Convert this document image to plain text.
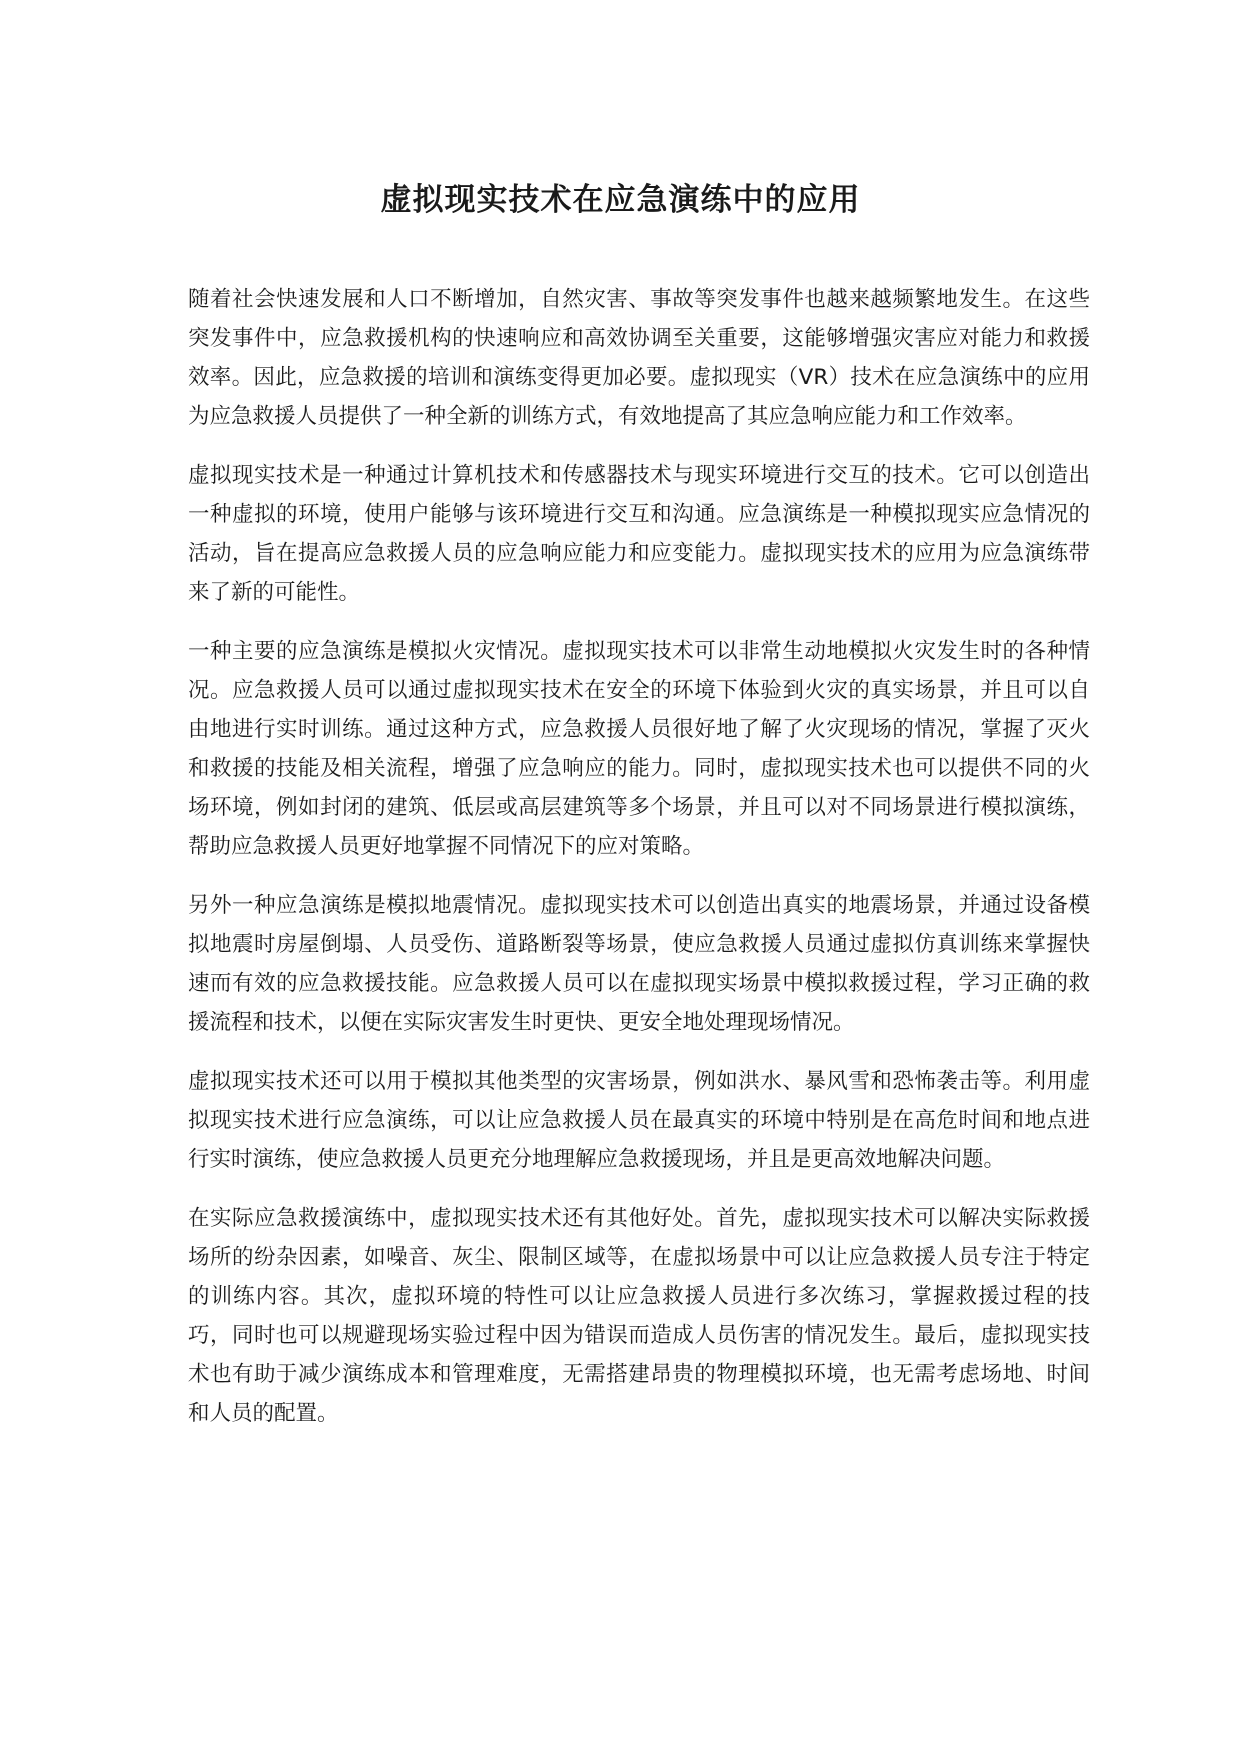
虚拟现实技术在应急演练中的应用

随着社会快速发展和人口不断增加，自然灾害、事故等突发事件也越来越频繁地发生。在这些突发事件中，应急救援机构的快速响应和高效协调至关重要，这能够增强灾害应对能力和救援效率。因此，应急救援的培训和演练变得更加必要。虚拟现实（VR）技术在应急演练中的应用为应急救援人员提供了一种全新的训练方式，有效地提高了其应急响应能力和工作效率。

虚拟现实技术是一种通过计算机技术和传感器技术与现实环境进行交互的技术。它可以创造出一种虚拟的环境，使用户能够与该环境进行交互和沟通。应急演练是一种模拟现实应急情况的活动，旨在提高应急救援人员的应急响应能力和应变能力。虚拟现实技术的应用为应急演练带来了新的可能性。

一种主要的应急演练是模拟火灾情况。虚拟现实技术可以非常生动地模拟火灾发生时的各种情况。应急救援人员可以通过虚拟现实技术在安全的环境下体验到火灾的真实场景，并且可以自由地进行实时训练。通过这种方式，应急救援人员很好地了解了火灾现场的情况，掌握了灭火和救援的技能及相关流程，增强了应急响应的能力。同时，虚拟现实技术也可以提供不同的火场环境，例如封闭的建筑、低层或高层建筑等多个场景，并且可以对不同场景进行模拟演练，帮助应急救援人员更好地掌握不同情况下的应对策略。

另外一种应急演练是模拟地震情况。虚拟现实技术可以创造出真实的地震场景，并通过设备模拟地震时房屋倒塌、人员受伤、道路断裂等场景，使应急救援人员通过虚拟仿真训练来掌握快速而有效的应急救援技能。应急救援人员可以在虚拟现实场景中模拟救援过程，学习正确的救援流程和技术，以便在实际灾害发生时更快、更安全地处理现场情况。

虚拟现实技术还可以用于模拟其他类型的灾害场景，例如洪水、暴风雪和恐怖袭击等。利用虚拟现实技术进行应急演练，可以让应急救援人员在最真实的环境中特别是在高危时间和地点进行实时演练，使应急救援人员更充分地理解应急救援现场，并且是更高效地解决问题。

在实际应急救援演练中，虚拟现实技术还有其他好处。首先，虚拟现实技术可以解决实际救援场所的纷杂因素，如噪音、灰尘、限制区域等，在虚拟场景中可以让应急救援人员专注于特定的训练内容。其次，虚拟环境的特性可以让应急救援人员进行多次练习，掌握救援过程的技巧，同时也可以规避现场实验过程中因为错误而造成人员伤害的情况发生。最后，虚拟现实技术也有助于减少演练成本和管理难度，无需搭建昂贵的物理模拟环境，也无需考虑场地、时间和人员的配置。
